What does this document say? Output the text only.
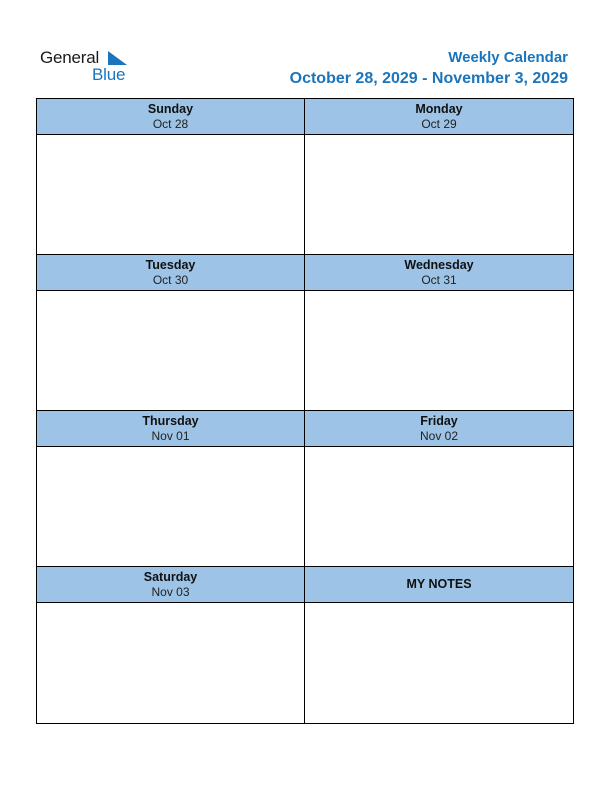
General
Blue
Weekly Calendar
October 28, 2029 - November 3, 2029
Sunday
Oct 28
Monday
Oct 29
Tuesday
Oct 30
Wednesday
Oct 31
Thursday
Nov 01
Friday
Nov 02
Saturday
Nov 03
MY NOTES
